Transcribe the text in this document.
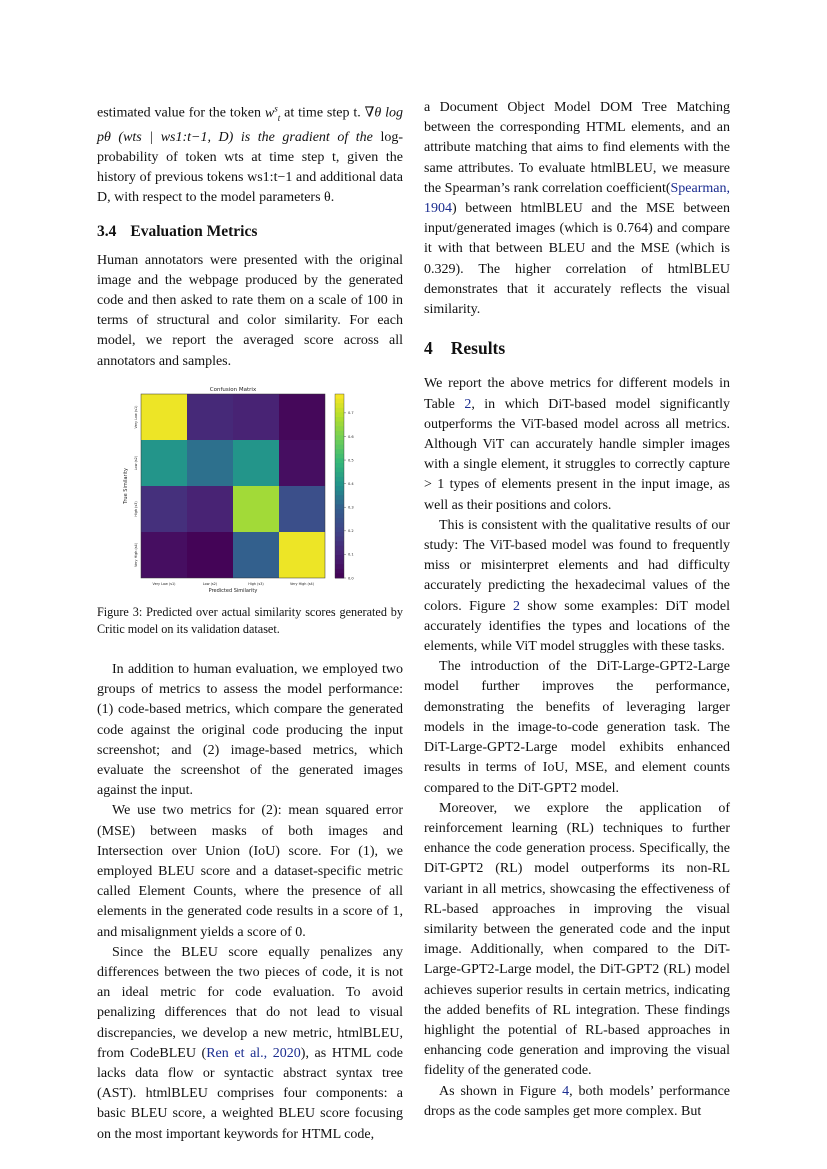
estimated value for the token $w^s_t$ at time step t. ∇θ log pθ (wts | ws1:t−1, D) is the gradient of the log-probability of token wts at time step t, given the history of previous tokens ws1:t−1 and additional data D, with respect to the model parameters θ.

3.4 Evaluation Metrics

Human annotators were presented with the original image and the webpage produced by the generated code and then asked to rate them on a scale of 100 in terms of structural and color similarity. For each model, we report the averaged score across all annotators and samples.

Confusion Matrix
Very Low (s1)	Low (s2)	High (s3)	Very High (s4)
Very Low (s1)
Low (s2)
High (s3)
Very High (s4)
Predicted Similarity
True Similarity
0.0
0.1
0.2
0.3
0.4
0.5
0.6
0.7

Figure 3: Predicted over actual similarity scores generated by Critic model on its validation dataset.

In addition to human evaluation, we employed two groups of metrics to assess the model performance: (1) code-based metrics, which compare the generated code against the original code producing the input screenshot; and (2) image-based metrics, which evaluate the screenshot of the generated images against the input.

We use two metrics for (2): mean squared error (MSE) between masks of both images and Intersection over Union (IoU) score. For (1), we employed BLEU score and a dataset-specific metric called Element Counts, where the presence of all elements in the generated code results in a score of 1, and misalignment yields a score of 0.

Since the BLEU score equally penalizes any differences between the two pieces of code, it is not an ideal metric for code evaluation. To avoid penalizing differences that do not lead to visual discrepancies, we develop a new metric, htmlBLEU, from CodeBLEU (Ren et al., 2020), as HTML code lacks data flow or syntactic abstract syntax tree (AST). htmlBLEU comprises four components: a basic BLEU score, a weighted BLEU score focusing on the most important keywords for HTML code,

a Document Object Model DOM Tree Matching between the corresponding HTML elements, and an attribute matching that aims to find elements with the same attributes. To evaluate htmlBLEU, we measure the Spearman’s rank correlation coefficient(Spearman, 1904) between htmlBLEU and the MSE between input/generated images (which is 0.764) and compare it with that between BLEU and the MSE (which is 0.329). The higher correlation of htmlBLEU demonstrates that it accurately reflects the visual similarity.

4 Results

We report the above metrics for different models in Table 2, in which DiT-based model significantly outperforms the ViT-based model across all metrics. Although ViT can accurately handle simpler images with a single element, it struggles to correctly capture > 1 types of elements present in the input image, as well as their positions and colors.

This is consistent with the qualitative results of our study: The ViT-based model was found to frequently miss or misinterpret elements and had difficulty accurately predicting the hexadecimal values of the colors. Figure 2 show some examples: DiT model accurately identifies the types and locations of the elements, while ViT model struggles with these tasks.

The introduction of the DiT-Large-GPT2-Large model further improves the performance, demonstrating the benefits of leveraging larger models in the image-to-code generation task. The DiT-Large-GPT2-Large model exhibits enhanced results in terms of IoU, MSE, and element counts compared to the DiT-GPT2 model.

Moreover, we explore the application of reinforcement learning (RL) techniques to further enhance the code generation process. Specifically, the DiT-GPT2 (RL) model outperforms its non-RL variant in all metrics, showcasing the effectiveness of RL-based approaches in improving the visual similarity between the generated code and the input image. Additionally, when compared to the DiT-Large-GPT2-Large model, the DiT-GPT2 (RL) model achieves superior results in certain metrics, indicating the added benefits of RL integration. These findings highlight the potential of RL-based approaches in enhancing code generation and improving the visual fidelity of the generated code.

As shown in Figure 4, both models’ performance drops as the code samples get more complex. But
